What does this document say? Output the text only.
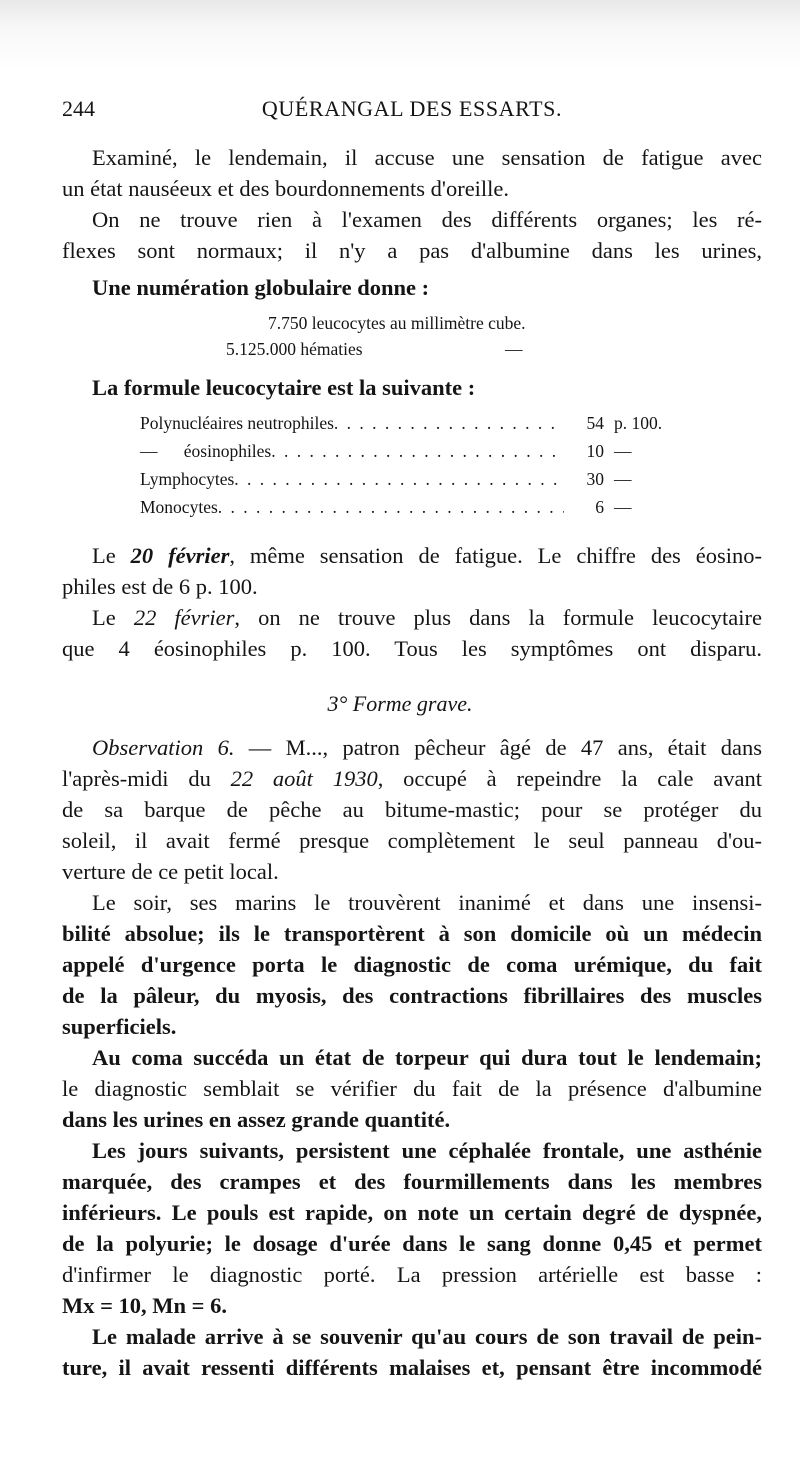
244	QUÉRANGAL DES ESSARTS.
Examiné, le lendemain, il accuse une sensation de fatigue avec
un état nauséeux et des bourdonnements d'oreille.
On ne trouve rien à l'examen des différents organes; les ré-
flexes sont normaux; il n'y a pas d'albumine dans les urines,
Une numération globulaire donne :
7.750 leucocytes au millimètre cube.
5.125.000 hématies	—
La formule leucocytaire est la suivante :
Polynucléaires neutrophiles . . .	54 p. 100.
—      éosinophiles . . .	10 —
Lymphocytes . . .	30 —
Monocytes . . .	6 —
Le 20 février, même sensation de fatigue. Le chiffre des éosino-
philes est de 6 p. 100.
Le 22 février, on ne trouve plus dans la formule leucocytaire
que 4 éosinophiles p. 100. Tous les symptômes ont disparu.
3° Forme grave.
Observation 6. — M..., patron pêcheur âgé de 47 ans, était dans
l'après-midi du 22 août 1930, occupé à repeindre la cale avant
de sa barque de pêche au bitume-mastic; pour se protéger du
soleil, il avait fermé presque complètement le seul panneau d'ou-
verture de ce petit local.
Le soir, ses marins le trouvèrent inanimé et dans une insensi-
bilité absolue; ils le transportèrent à son domicile où un médecin
appelé d'urgence porta le diagnostic de coma urémique, du fait
de la pâleur, du myosis, des contractions fibrillaires des muscles
superficiels.
Au coma succéda un état de torpeur qui dura tout le lendemain;
le diagnostic semblait se vérifier du fait de la présence d'albumine
dans les urines en assez grande quantité.
Les jours suivants, persistent une céphalée frontale, une asthénie
marquée, des crampes et des fourmillements dans les membres
inférieurs. Le pouls est rapide, on note un certain degré de dyspnée,
de la polyurie; le dosage d'urée dans le sang donne 0,45 et permet
d'infirmer le diagnostic porté. La pression artérielle est basse :
Mx = 10, Mn = 6.
Le malade arrive à se souvenir qu'au cours de son travail de pein-
ture, il avait ressenti différents malaises et, pensant être incommodé
